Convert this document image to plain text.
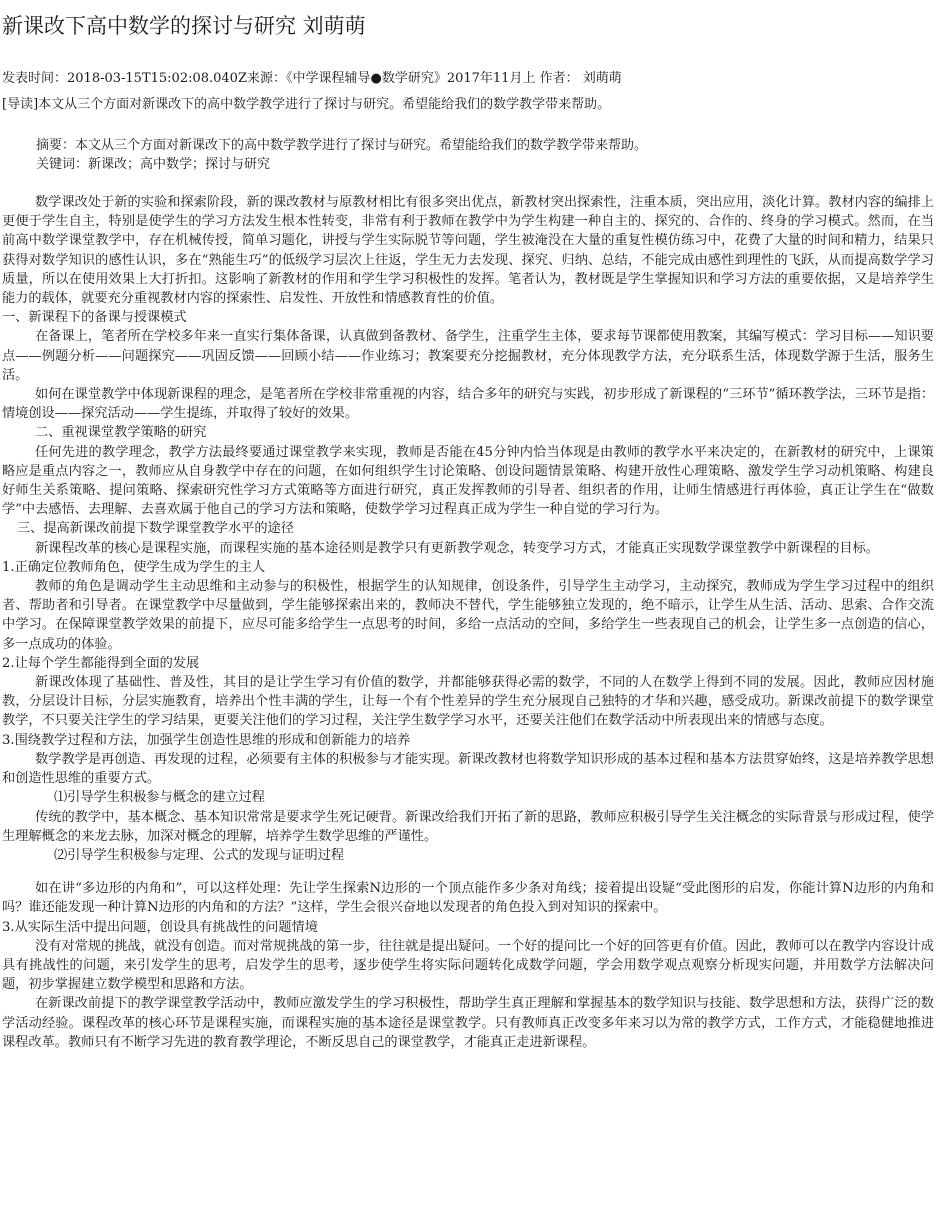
新课改下高中数学的探讨与研究 刘萌萌
发表时间：2018-03-15T15:02:08.040Z来源：《中学课程辅导●数学研究》2017年11月上 作者： 刘萌萌
[导读]本文从三个方面对新课改下的高中数学教学进行了探讨与研究。希望能给我们的数学教学带来帮助。
摘要：本文从三个方面对新课改下的高中数学教学进行了探讨与研究。希望能给我们的数学教学带来帮助。
关键词：新课改；高中数学；探讨与研究

数学课改处于新的实验和探索阶段，新的课改教材与原教材相比有很多突出优点，新教材突出探索性，注重本质，突出应用，淡化计算。教材内容的编排上更便于学生自主，特别是使学生的学习方法发生根本性转变，非常有利于教师在教学中为学生构建一种自主的、探究的、合作的、终身的学习模式。然而，在当前高中数学课堂教学中，存在机械传授，简单习题化，讲授与学生实际脱节等问题，学生被淹没在大量的重复性模仿练习中，花费了大量的时间和精力，结果只获得对数学知识的感性认识，多在“熟能生巧”的低级学习层次上往返，学生无力去发现、探究、归纳、总结，不能完成由感性到理性的飞跃，从而提高数学学习质量，所以在使用效果上大打折扣。这影响了新教材的作用和学生学习积极性的发挥。笔者认为，教材既是学生掌握知识和学习方法的重要依据，又是培养学生能力的载体，就要充分重视教材内容的探索性、启发性、开放性和情感教育性的价值。

一、新课程下的备课与授课模式

在备课上，笔者所在学校多年来一直实行集体备课，认真做到备教材、备学生，注重学生主体，要求每节课都使用教案，其编写模式：学习目标——知识要点——例题分析——问题探究——巩固反馈——回顾小结——作业练习；教案要充分挖掘教材，充分体现教学方法，充分联系生活，体现数学源于生活，服务生活。

如何在课堂教学中体现新课程的理念，是笔者所在学校非常重视的内容，结合多年的研究与实践，初步形成了新课程的“三环节”循环教学法，三环节是指：情境创设——探究活动——学生提练，并取得了较好的效果。

二、重视课堂教学策略的研究

任何先进的教学理念，教学方法最终要通过课堂教学来实现，教师是否能在45分钟内恰当体现是由教师的教学水平来决定的，在新教材的研究中，上课策略应是重点内容之一，教师应从自身教学中存在的问题，在如何组织学生讨论策略、创设问题情景策略、构建开放性心理策略、激发学生学习动机策略、构建良好师生关系策略、提问策略、探索研究性学习方式策略等方面进行研究，真正发挥教师的引导者、组织者的作用，让师生情感进行再体验，真正让学生在“做数学”中去感悟、去理解、去喜欢属于他自己的学习方法和策略，使数学学习过程真正成为学生一种自觉的学习行为。

三、提高新课改前提下数学课堂教学水平的途径

新课程改革的核心是课程实施，而课程实施的基本途径则是教学只有更新教学观念，转变学习方式，才能真正实现数学课堂教学中新课程的目标。

1.正确定位教师角色，使学生成为学生的主人

教师的角色是调动学生主动思维和主动参与的积极性，根据学生的认知规律，创设条件，引导学生主动学习，主动探究，教师成为学生学习过程中的组织者、帮助者和引导者。在课堂教学中尽量做到，学生能够探索出来的，教师决不替代，学生能够独立发现的，绝不暗示，让学生从生活、活动、思索、合作交流中学习。在保障课堂教学效果的前提下，应尽可能多给学生一点思考的时间，多给一点活动的空间，多给学生一些表现自己的机会，让学生多一点创造的信心，多一点成功的体验。

2.让每个学生都能得到全面的发展

新课改体现了基础性、普及性，其目的是让学生学习有价值的数学，并都能够获得必需的数学，不同的人在数学上得到不同的发展。因此，教师应因材施教，分层设计目标，分层实施教育，培养出个性丰满的学生，让每一个有个性差异的学生充分展现自己独特的才华和兴趣，感受成功。新课改前提下的数学课堂教学，不只要关注学生的学习结果，更要关注他们的学习过程，关注学生数学学习水平，还要关注他们在数学活动中所表现出来的情感与态度。

3.围绕教学过程和方法，加强学生创造性思维的形成和创新能力的培养

数学教学是再创造、再发现的过程，必须要有主体的积极参与才能实现。新课改教材也将数学知识形成的基本过程和基本方法贯穿始终，这是培养教学思想和创造性思维的重要方式。

⑴引导学生积极参与概念的建立过程

传统的教学中，基本概念、基本知识常常是要求学生死记硬背。新课改给我们开拓了新的思路，教师应积极引导学生关注概念的实际背景与形成过程，使学生理解概念的来龙去脉，加深对概念的理解，培养学生数学思维的严谨性。

⑵引导学生积极参与定理、公式的发现与证明过程

如在讲“多边形的内角和”，可以这样处理：先让学生探索N边形的一个顶点能作多少条对角线；接着提出设疑“受此图形的启发，你能计算N边形的内角和吗？谁还能发现一种计算N边形的内角和的方法？”这样，学生会很兴奋地以发现者的角色投入到对知识的探索中。

3.从实际生活中提出问题，创设具有挑战性的问题情境

没有对常规的挑战，就没有创造。而对常规挑战的第一步，往往就是提出疑问。一个好的提问比一个好的回答更有价值。因此，教师可以在教学内容设计成具有挑战性的问题，来引发学生的思考，启发学生的思考，逐步使学生将实际问题转化成数学问题，学会用数学观点观察分析现实问题，并用数学方法解决问题，初步掌握建立数学模型和思路和方法。

在新课改前提下的教学课堂教学活动中，教师应激发学生的学习积极性，帮助学生真正理解和掌握基本的数学知识与技能、数学思想和方法，获得广泛的数学活动经验。课程改革的核心环节是课程实施，而课程实施的基本途径是课堂教学。只有教师真正改变多年来习以为常的教学方式，工作方式，才能稳健地推进课程改革。教师只有不断学习先进的教育教学理论，不断反思自己的课堂教学，才能真正走进新课程。
